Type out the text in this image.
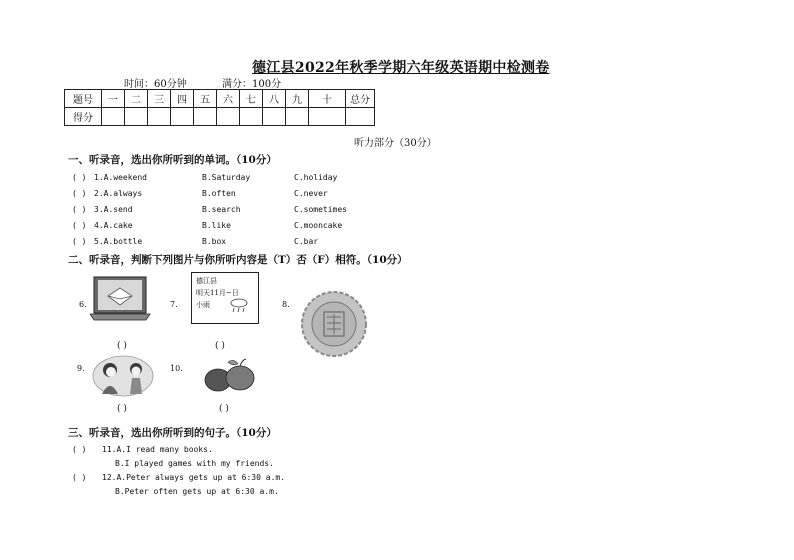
德江县2022年秋季学期六年级英语期中检测卷
时间：60分钟	满分：100分
题号	一	二	三	四	五	六	七	八	九	十	总分
得分											
听力部分（30分）
一、听录音，选出你所听到的单词。（10分）
( ) 1.A.weekend	B.Saturday	C.holiday
( ) 2.A.always	B.often	C.never
( ) 3.A.send	B.search	C.sometimes
( ) 4.A.cake	B.like	C.mooncake
( ) 5.A.bottle	B.box	C.bar
二、听录音，判断下列图片与你所听内容是（T）否（F）相符。（10分）
6.	7.
德江县
明天11月~日
小雨	8.
( )	( )
9.	10.
( )	( )
三、听录音，选出你所听到的句子。（10分）
( ) 11.A.I read many books.
B.I played games with my friends.
( ) 12.A.Peter always gets up at 6:30 a.m.
B.Peter often gets up at 6:30 a.m.
